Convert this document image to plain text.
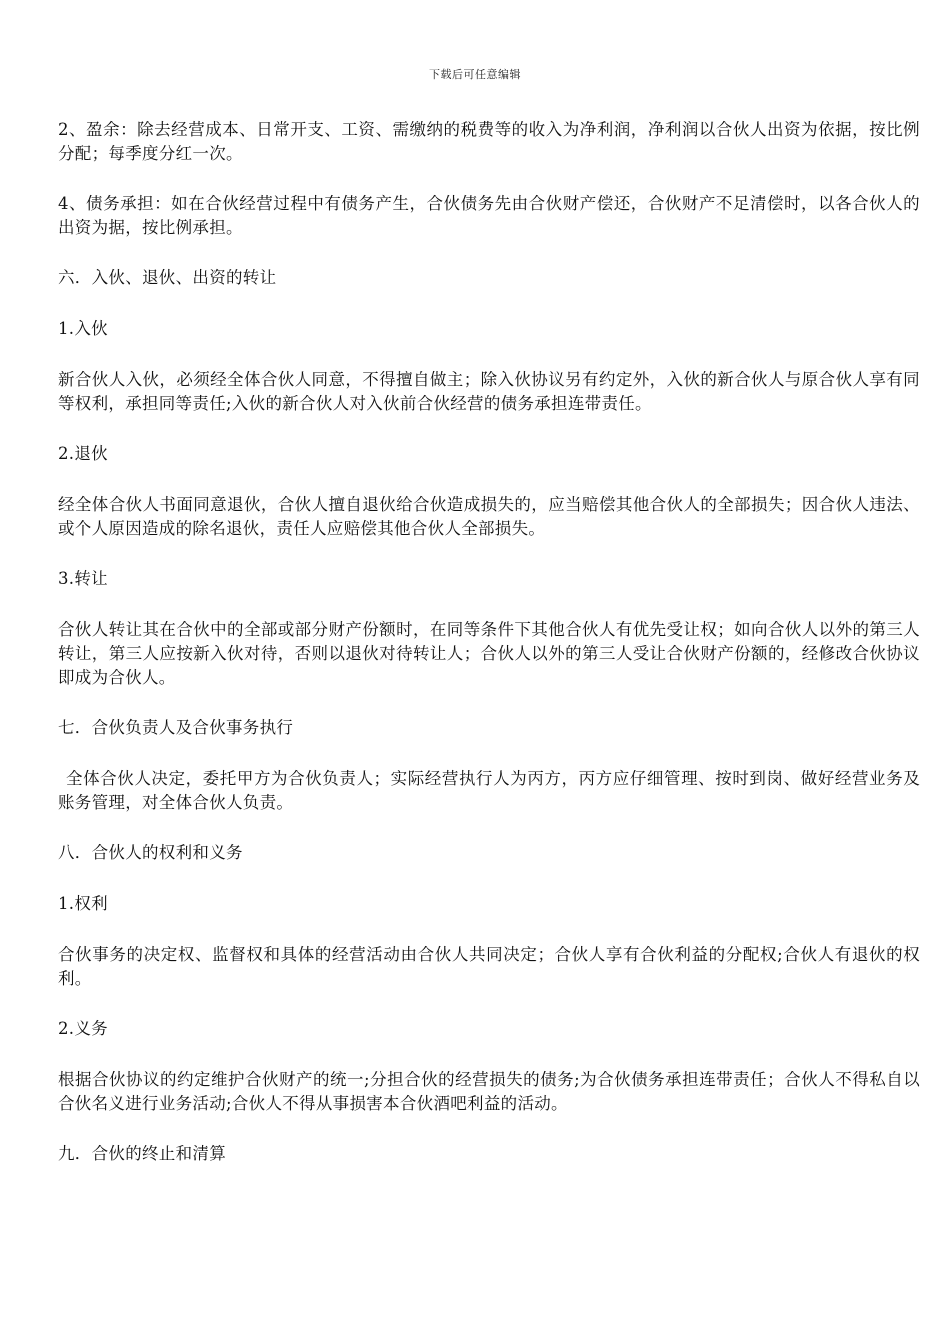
下载后可任意编辑

2、盈余：除去经营成本、日常开支、工资、需缴纳的税费等的收入为净利润，净利润以合伙人出资为依据，按比例分配；每季度分红一次。

4、债务承担：如在合伙经营过程中有债务产生，合伙债务先由合伙财产偿还，合伙财产不足清偿时，以各合伙人的出资为据，按比例承担。

六．入伙、退伙、出资的转让

1.入伙

新合伙人入伙，必须经全体合伙人同意，不得擅自做主；除入伙协议另有约定外，入伙的新合伙人与原合伙人享有同等权利，承担同等责任;入伙的新合伙人对入伙前合伙经营的债务承担连带责任。

2.退伙

经全体合伙人书面同意退伙，合伙人擅自退伙给合伙造成损失的，应当赔偿其他合伙人的全部损失；因合伙人违法、或个人原因造成的除名退伙，责任人应赔偿其他合伙人全部损失。

3.转让

合伙人转让其在合伙中的全部或部分财产份额时，在同等条件下其他合伙人有优先受让权；如向合伙人以外的第三人转让，第三人应按新入伙对待，否则以退伙对待转让人；合伙人以外的第三人受让合伙财产份额的，经修改合伙协议即成为合伙人。

七．合伙负责人及合伙事务执行

全体合伙人决定，委托甲方为合伙负责人；实际经营执行人为丙方，丙方应仔细管理、按时到岗、做好经营业务及账务管理，对全体合伙人负责。

八．合伙人的权利和义务

1.权利

合伙事务的决定权、监督权和具体的经营活动由合伙人共同决定；合伙人享有合伙利益的分配权;合伙人有退伙的权利。

2.义务

根据合伙协议的约定维护合伙财产的统一;分担合伙的经营损失的债务;为合伙债务承担连带责任；合伙人不得私自以合伙名义进行业务活动;合伙人不得从事损害本合伙酒吧利益的活动。

九．合伙的终止和清算
